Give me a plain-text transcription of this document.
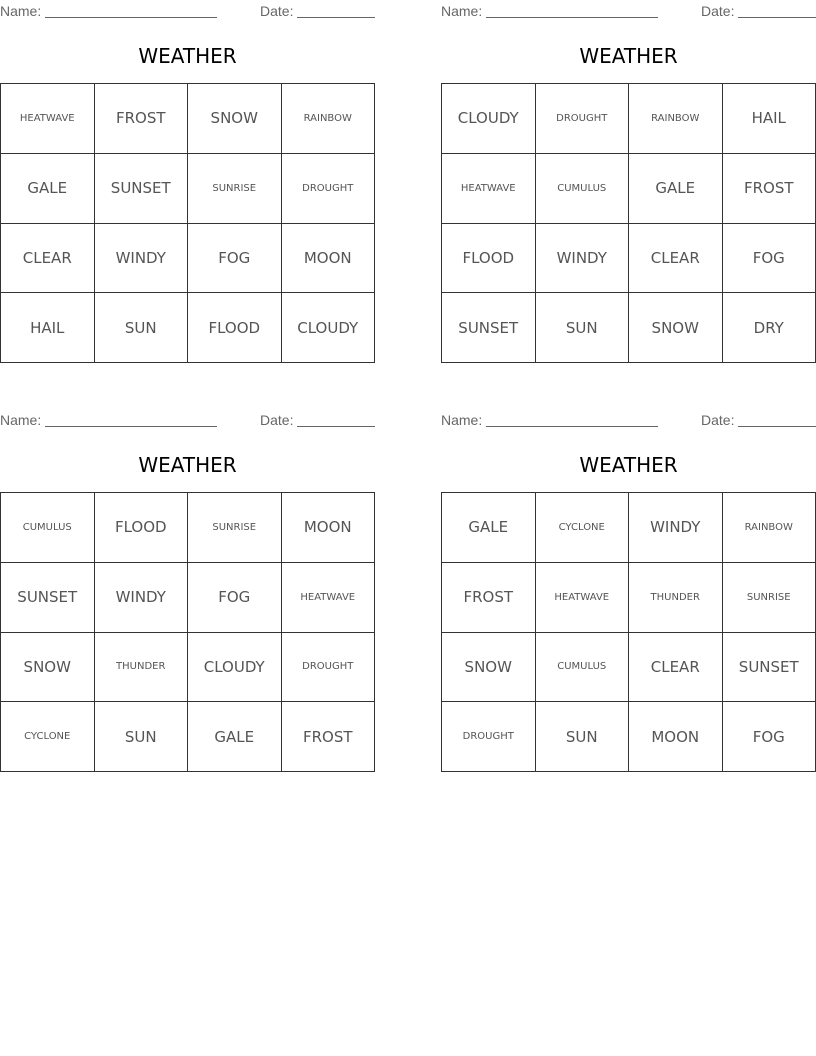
Name:	Date:
WEATHER
HEATWAVE	FROST	SNOW	RAINBOW
GALE	SUNSET	SUNRISE	DROUGHT
CLEAR	WINDY	FOG	MOON
HAIL	SUN	FLOOD	CLOUDY
Name:	Date:
WEATHER
CLOUDY	DROUGHT	RAINBOW	HAIL
HEATWAVE	CUMULUS	GALE	FROST
FLOOD	WINDY	CLEAR	FOG
SUNSET	SUN	SNOW	DRY
Name:	Date:
WEATHER
CUMULUS	FLOOD	SUNRISE	MOON
SUNSET	WINDY	FOG	HEATWAVE
SNOW	THUNDER	CLOUDY	DROUGHT
CYCLONE	SUN	GALE	FROST
Name:	Date:
WEATHER
GALE	CYCLONE	WINDY	RAINBOW
FROST	HEATWAVE	THUNDER	SUNRISE
SNOW	CUMULUS	CLEAR	SUNSET
DROUGHT	SUN	MOON	FOG
